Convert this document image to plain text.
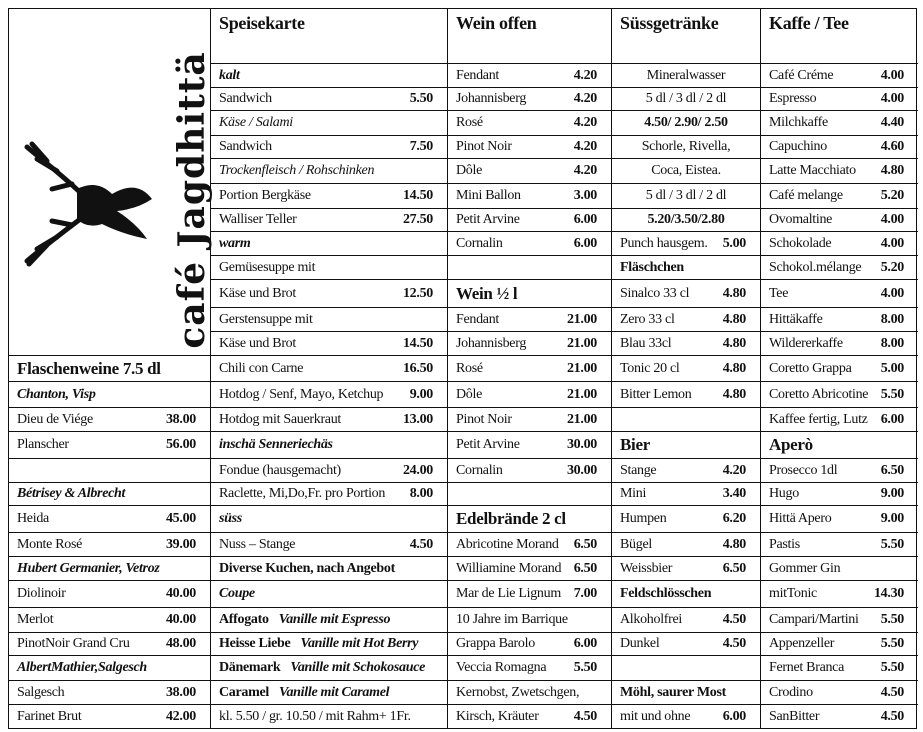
café Jagdhittä
Flaschenweine 7.5 dl
Chanton, Visp
Dieu de Viége	38.00
Planscher	56.00
Bétrisey & Albrecht
Heida	45.00
Monte Rosé	39.00
Hubert Germanier, Vetroz
Diolinoir	40.00
Merlot	40.00
PinotNoir Grand Cru	48.00
AlbertMathier,Salgesch
Salgesch	38.00
Farinet Brut	42.00
Speisekarte
kalt
Sandwich	5.50
Käse / Salami
Sandwich	7.50
Trockenfleisch / Rohschinken
Portion Bergkäse	14.50
Walliser Teller	27.50
warm
Gemüsesuppe mit
Käse und Brot	12.50
Gerstensuppe mit
Käse und Brot	14.50
Chili con Carne	16.50
Hotdog / Senf, Mayo, Ketchup	9.00
Hotdog mit Sauerkraut	13.00
inschä Senneriechäs
Fondue (hausgemacht)	24.00
Raclette, Mi,Do,Fr. pro Portion	8.00
süss
Nuss – Stange	4.50
Diverse Kuchen, nach Angebot
Coupe
Affogato Vanille mit Espresso
Heisse Liebe Vanille mit Hot Berry
Dänemark Vanille mit Schokosauce
Caramel Vanille mit Caramel
kl. 5.50 / gr. 10.50 / mit Rahm+ 1Fr.
Wein offen
Fendant	4.20
Johannisberg	4.20
Rosé	4.20
Pinot Noir	4.20
Dôle	4.20
Mini Ballon	3.00
Petit Arvine	6.00
Cornalin	6.00
Wein ½ l
Fendant	21.00
Johannisberg	21.00
Rosé	21.00
Dôle	21.00
Pinot Noir	21.00
Petit Arvine	30.00
Cornalin	30.00
Edelbrände 2 cl
Abricotine Morand	6.50
Williamine Morand 6.50
Mar de Lie Lignum 7.00
10 Jahre im Barrique
Grappa Barolo	6.00
Veccia Romagna	5.50
Kernobst, Zwetschgen,
Kirsch, Kräuter	4.50
Süssgetränke
Mineralwasser
5 dl / 3 dl / 2 dl
4.50/ 2.90/ 2.50
Schorle, Rivella,
Coca, Eistea.
5 dl / 3 dl / 2 dl
5.20/3.50/2.80
Punch hausgem.	5.00
Fläschchen
Sinalco 33 cl	4.80
Zero 33 cl	4.80
Blau 33cl	4.80
Tonic 20 cl	4.80
Bitter Lemon	4.80
Bier
Stange	4.20
Mini	3.40
Humpen	6.20
Bügel	4.80
Weissbier	6.50
Feldschlösschen
Alkoholfrei	4.50
Dunkel	4.50
Möhl, saurer Most
mit und ohne	6.00
Kaffe / Tee
Café Créme	4.00
Espresso	4.00
Milchkaffe	4.40
Capuchino	4.60
Latte Macchiato	4.80
Café melange	5.20
Ovomaltine	4.00
Schokolade	4.00
Schokol.mélange	5.20
Tee	4.00
Hittäkaffe	8.00
Wildererkaffe	8.00
Coretto Grappa	5.00
Coretto Abricotine 5.50
Kaffee fertig, Lutz 6.00
Aperò
Prosecco 1dl	6.50
Hugo	9.00
Hittä Apero	9.00
Pastis	5.50
Gommer Gin
mitTonic	14.30
Campari/Martini	5.50
Appenzeller	5.50
Fernet Branca	5.50
Crodino	4.50
SanBitter	4.50
